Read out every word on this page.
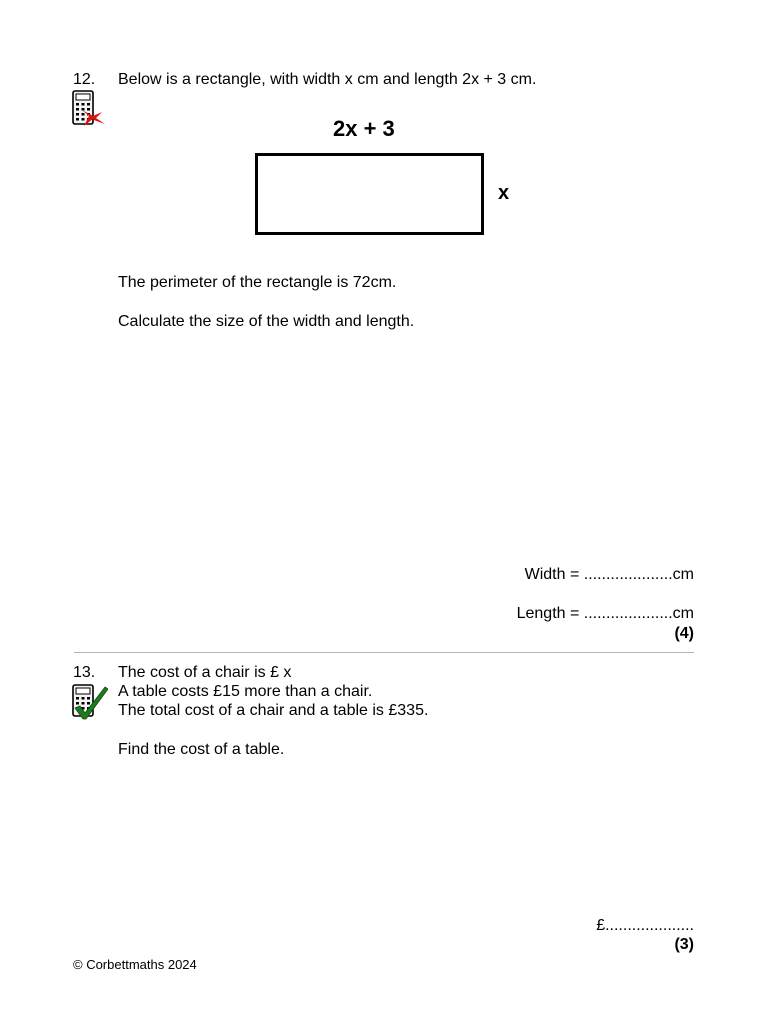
12. Below is a rectangle, with width x cm and length 2x + 3 cm.
2x + 3
x
The perimeter of the rectangle is 72cm.
Calculate the size of the width and length.
Width = ....................cm
Length = ....................cm
(4)
13. The cost of a chair is £ x
A table costs £15 more than a chair.
The total cost of a chair and a table is £335.
Find the cost of a table.
£....................
(3)
© Corbettmaths 2024
